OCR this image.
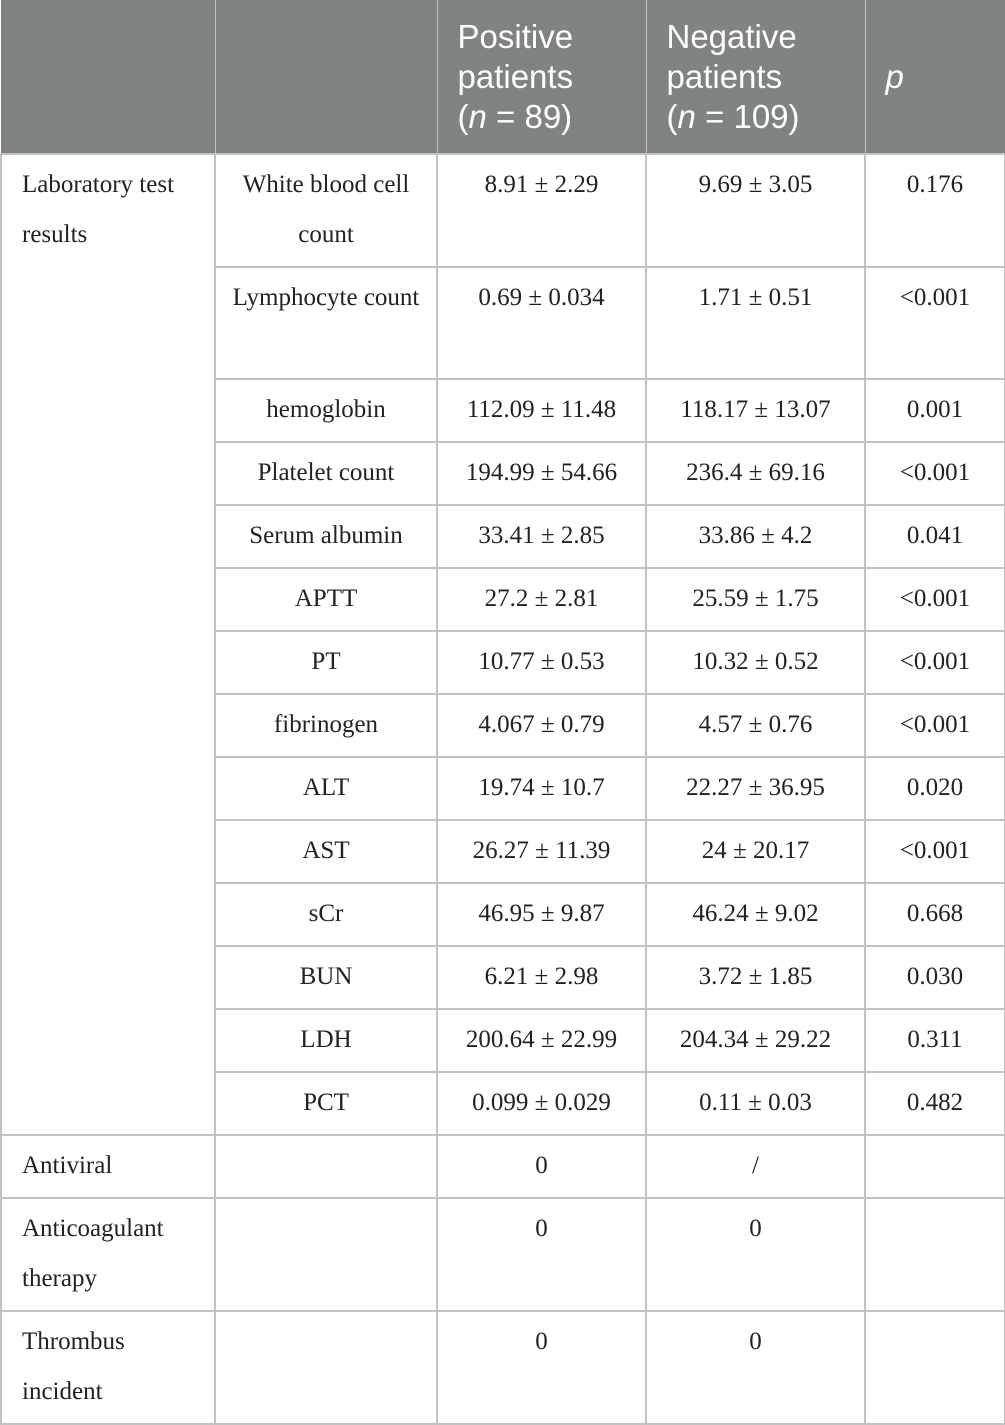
		Positive
patients
(n = 89)	Negative
patients
(n = 109)	p
Laboratory test results	White blood cell count	8.91 ± 2.29	9.69 ± 3.05	0.176
	Lymphocyte count	0.69 ± 0.034	1.71 ± 0.51	<0.001
	hemoglobin	112.09 ± 11.48	118.17 ± 13.07	0.001
	Platelet count	194.99 ± 54.66	236.4 ± 69.16	<0.001
	Serum albumin	33.41 ± 2.85	33.86 ± 4.2	0.041
	APTT	27.2 ± 2.81	25.59 ± 1.75	<0.001
	PT	10.77 ± 0.53	10.32 ± 0.52	<0.001
	fibrinogen	4.067 ± 0.79	4.57 ± 0.76	<0.001
	ALT	19.74 ± 10.7	22.27 ± 36.95	0.020
	AST	26.27 ± 11.39	24 ± 20.17	<0.001
	sCr	46.95 ± 9.87	46.24 ± 9.02	0.668
	BUN	6.21 ± 2.98	3.72 ± 1.85	0.030
	LDH	200.64 ± 22.99	204.34 ± 29.22	0.311
	PCT	0.099 ± 0.029	0.11 ± 0.03	0.482
Antiviral		0	/	
Anticoagulant therapy		0	0	
Thrombus incident		0	0	
